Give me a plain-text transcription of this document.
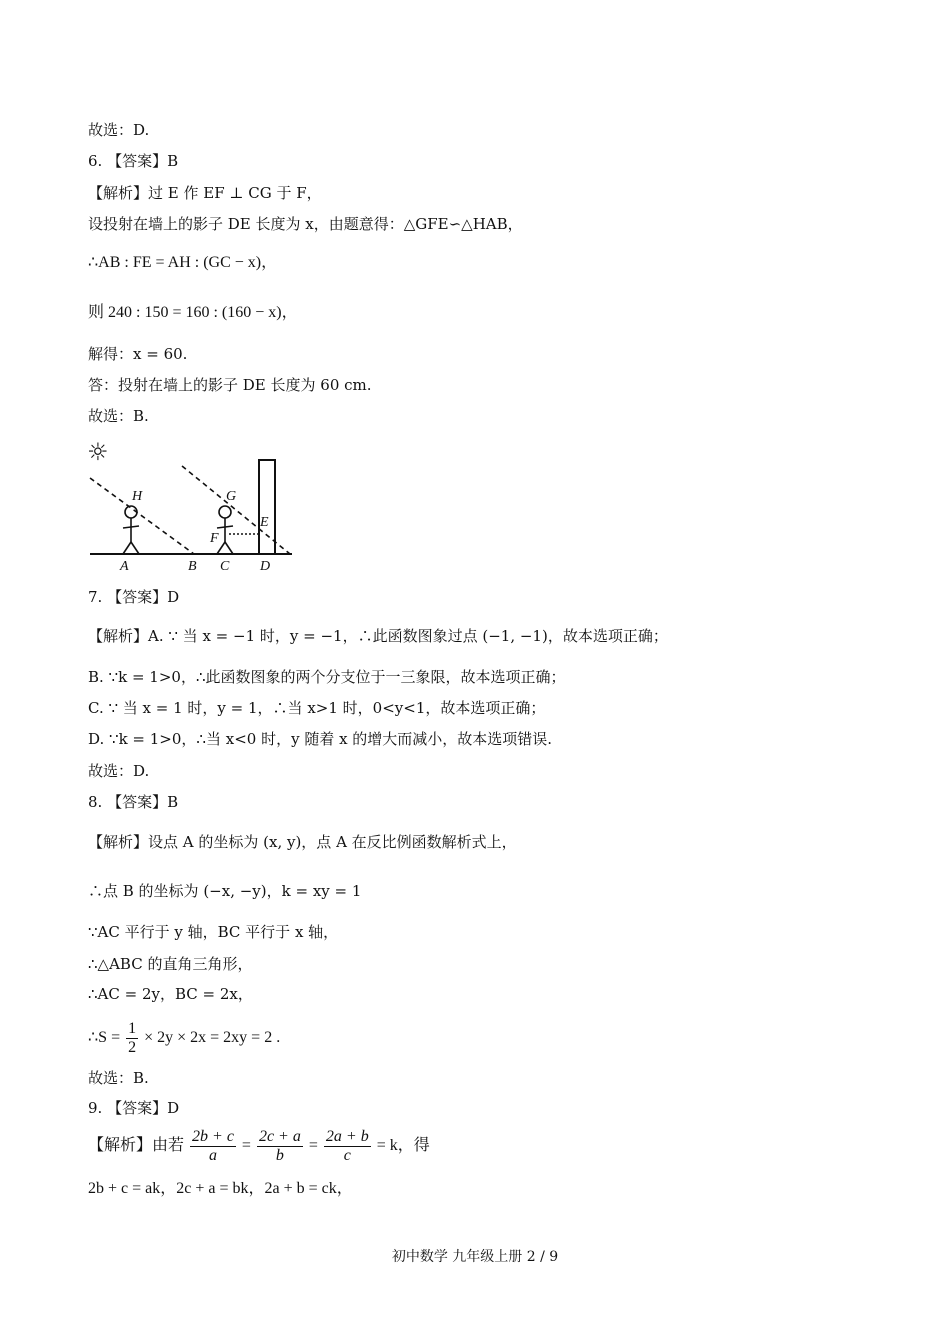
故选：D.
6. 【答案】B
【解析】过 E 作 EF ⊥ CG 于 F，
设投射在墙上的影子 DE 长度为 x，由题意得：△GFE∽△HAB，
∴AB : FE = AH : (GC − x)，
则 240 : 150 = 160 : (160 − x)，
解得：x = 60.
答：投射在墙上的影子 DE 长度为 60 cm.
故选：B.
☼
H	G
E
F
A	B C D
7. 【答案】D
【解析】A. ∵ 当 x = −1 时，y = −1，∴此函数图象过点 (−1, −1)，故本选项正确；
B. ∵k = 1>0，∴此函数图象的两个分支位于一三象限，故本选项正确；
C. ∵ 当 x = 1 时，y = 1，∴当 x>1 时，0<y<1，故本选项正确；
D. ∵k = 1>0，∴当 x<0 时，y 随着 x 的增大而减小，故本选项错误.
故选：D.
8. 【答案】B
【解析】设点 A 的坐标为 (x, y)，点 A 在反比例函数解析式上，
∴点 B 的坐标为 (−x, −y)，k = xy = 1
∵AC 平行于 y 轴，BC 平行于 x 轴，
∴△ABC 的直角三角形，
∴AC = 2y，BC = 2x，
∴S = $\frac{1}{2} \times 2y \times 2x = 2xy = 2$ .
故选：B.
9. 【答案】D
【解析】由若 $\frac{2b + c}{a} = \frac{2c + a}{b} = \frac{2a + b}{c} = k$，得
2b + c = ak，2c + a = bk，2a + b = ck，
初中数学 九年级上册 2 / 9
